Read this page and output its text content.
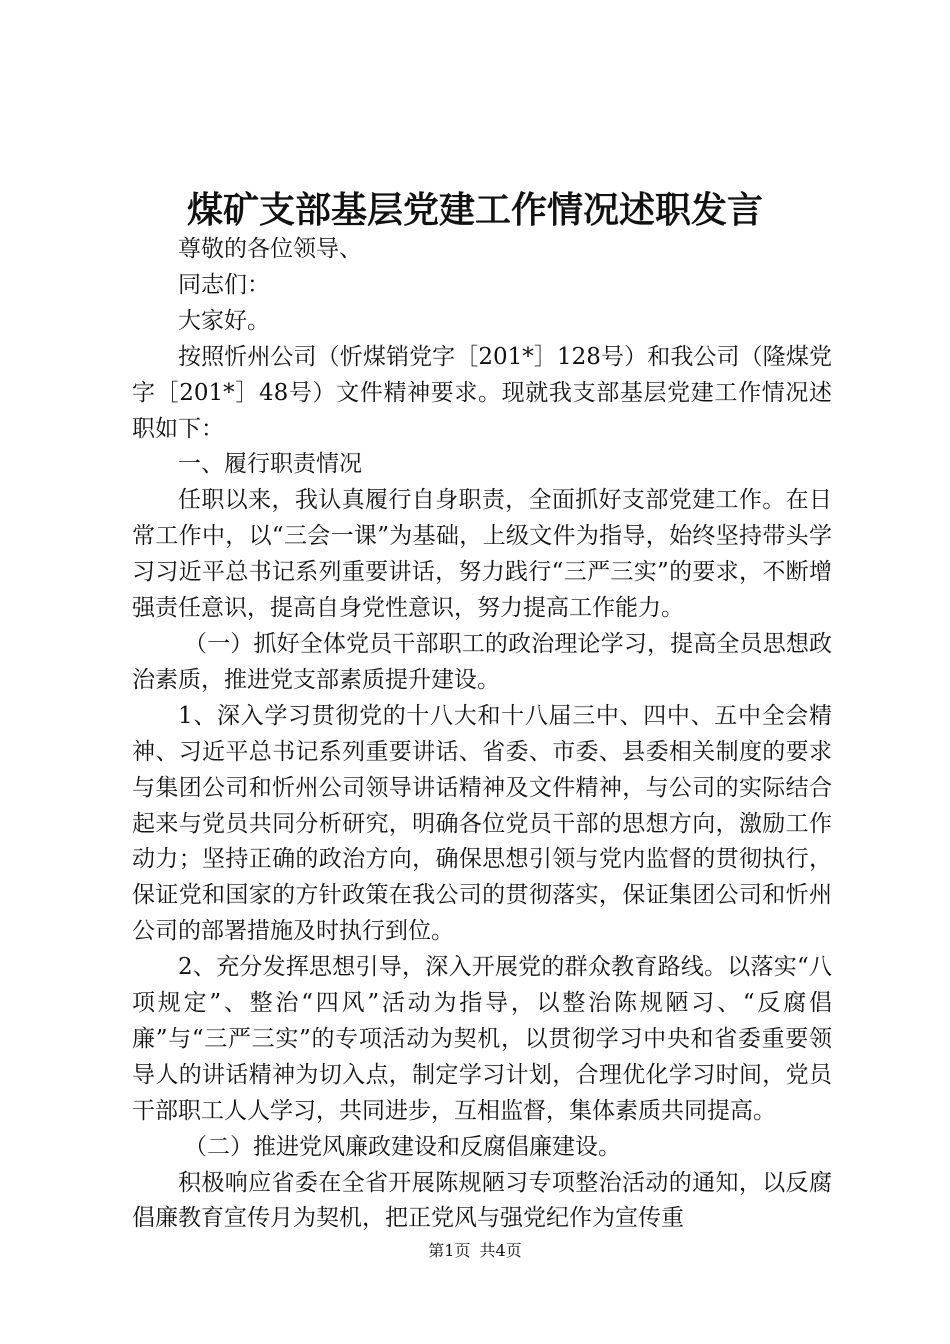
煤矿支部基层党建工作情况述职发言

尊敬的各位领导、

同志们：

大家好。

按照忻州公司（忻煤销党字［201*］128号）和我公司（隆煤党字［201*］48号）文件精神要求。现就我支部基层党建工作情况述职如下：

一、履行职责情况

任职以来，我认真履行自身职责，全面抓好支部党建工作。在日常工作中，以“三会一课”为基础，上级文件为指导，始终坚持带头学习习近平总书记系列重要讲话，努力践行“三严三实”的要求，不断增强责任意识，提高自身党性意识，努力提高工作能力。

（一）抓好全体党员干部职工的政治理论学习，提高全员思想政治素质，推进党支部素质提升建设。

1、深入学习贯彻党的十八大和十八届三中、四中、五中全会精神、习近平总书记系列重要讲话、省委、市委、县委相关制度的要求与集团公司和忻州公司领导讲话精神及文件精神，与公司的实际结合起来与党员共同分析研究，明确各位党员干部的思想方向，激励工作动力；坚持正确的政治方向，确保思想引领与党内监督的贯彻执行，保证党和国家的方针政策在我公司的贯彻落实，保证集团公司和忻州公司的部署措施及时执行到位。

2、充分发挥思想引导，深入开展党的群众教育路线。以落实“八项规定”、整治“四风”活动为指导，以整治陈规陋习、“反腐倡廉”与“三严三实”的专项活动为契机，以贯彻学习中央和省委重要领导人的讲话精神为切入点，制定学习计划，合理优化学习时间，党员干部职工人人学习，共同进步，互相监督，集体素质共同提高。

（二）推进党风廉政建设和反腐倡廉建设。

积极响应省委在全省开展陈规陋习专项整治活动的通知，以反腐倡廉教育宣传月为契机，把正党风与强党纪作为宣传重

第1页 共4页
